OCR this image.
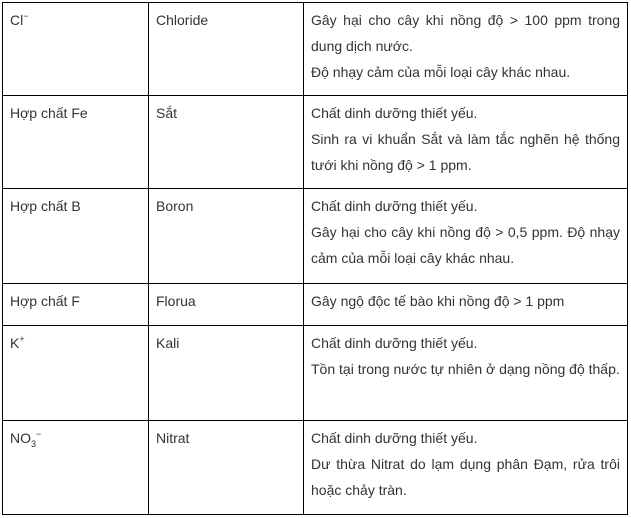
Cl−	Chloride	Gây hại cho cây khi nồng độ > 100 ppm trong dung dịch nước.
Độ nhạy cảm của mỗi loại cây khác nhau.

Hợp chất Fe	Sắt	Chất dinh dưỡng thiết yếu.
Sinh ra vi khuẩn Sắt và làm tắc nghẽn hệ thống tưới khi nồng độ > 1 ppm.

Hợp chất B	Boron	Chất dinh dưỡng thiết yếu.
Gây hại cho cây khi nồng độ > 0,5 ppm. Độ nhạy cảm của mỗi loại cây khác nhau.

Hợp chất F	Florua	Gây ngộ độc tế bào khi nồng độ > 1 ppm

K+	Kali	Chất dinh dưỡng thiết yếu.
Tồn tại trong nước tự nhiên ở dạng nồng độ thấp.

$NO_3^-$	Nitrat	Chất dinh dưỡng thiết yếu.
Dư thừa Nitrat do lạm dụng phân Đạm, rửa trôi hoặc chảy tràn.
